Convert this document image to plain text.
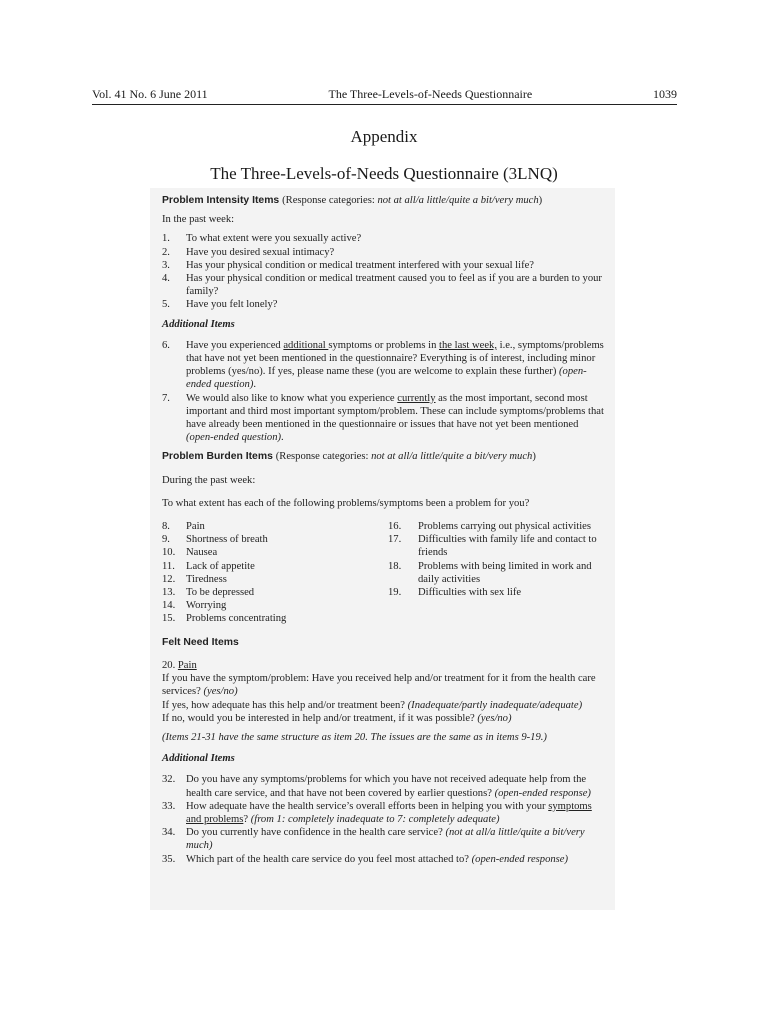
Vol. 41 No. 6 June 2011	The Three-Levels-of-Needs Questionnaire	1039
Appendix
The Three-Levels-of-Needs Questionnaire (3LNQ)
Problem Intensity Items (Response categories: not at all/a little/quite a bit/very much)
In the past week:
1.	To what extent were you sexually active?
2.	Have you desired sexual intimacy?
3.	Has your physical condition or medical treatment interfered with your sexual life?
4.	Has your physical condition or medical treatment caused you to feel as if you are a burden to your family?
5.	Have you felt lonely?
Additional Items
6.	Have you experienced additional symptoms or problems in the last week, i.e., symptoms/problems that have not yet been mentioned in the questionnaire? Everything is of interest, including minor problems (yes/no). If yes, please name these (you are welcome to explain these further) (open-ended question).
7.	We would also like to know what you experience currently as the most important, second most important and third most important symptom/problem. These can include symptoms/problems that have already been mentioned in the questionnaire or issues that have not yet been mentioned (open-ended question).
Problem Burden Items (Response categories: not at all/a little/quite a bit/very much)
During the past week:
To what extent has each of the following problems/symptoms been a problem for you?
8.	Pain
9.	Shortness of breath
10.	Nausea
11.	Lack of appetite
12.	Tiredness
13.	To be depressed
14.	Worrying
15.	Problems concentrating
16.	Problems carrying out physical activities
17.	Difficulties with family life and contact to friends
18.	Problems with being limited in work and daily activities
19.	Difficulties with sex life
Felt Need Items
20. Pain
If you have the symptom/problem: Have you received help and/or treatment for it from the health care services? (yes/no)
If yes, how adequate has this help and/or treatment been? (Inadequate/partly inadequate/adequate)
If no, would you be interested in help and/or treatment, if it was possible? (yes/no)
(Items 21-31 have the same structure as item 20. The issues are the same as in items 9-19.)
Additional Items
32.	Do you have any symptoms/problems for which you have not received adequate help from the health care service, and that have not been covered by earlier questions? (open-ended response)
33.	How adequate have the health service’s overall efforts been in helping you with your symptoms and problems? (from 1: completely inadequate to 7: completely adequate)
34.	Do you currently have confidence in the health care service? (not at all/a little/quite a bit/very much)
35.	Which part of the health care service do you feel most attached to? (open-ended response)
